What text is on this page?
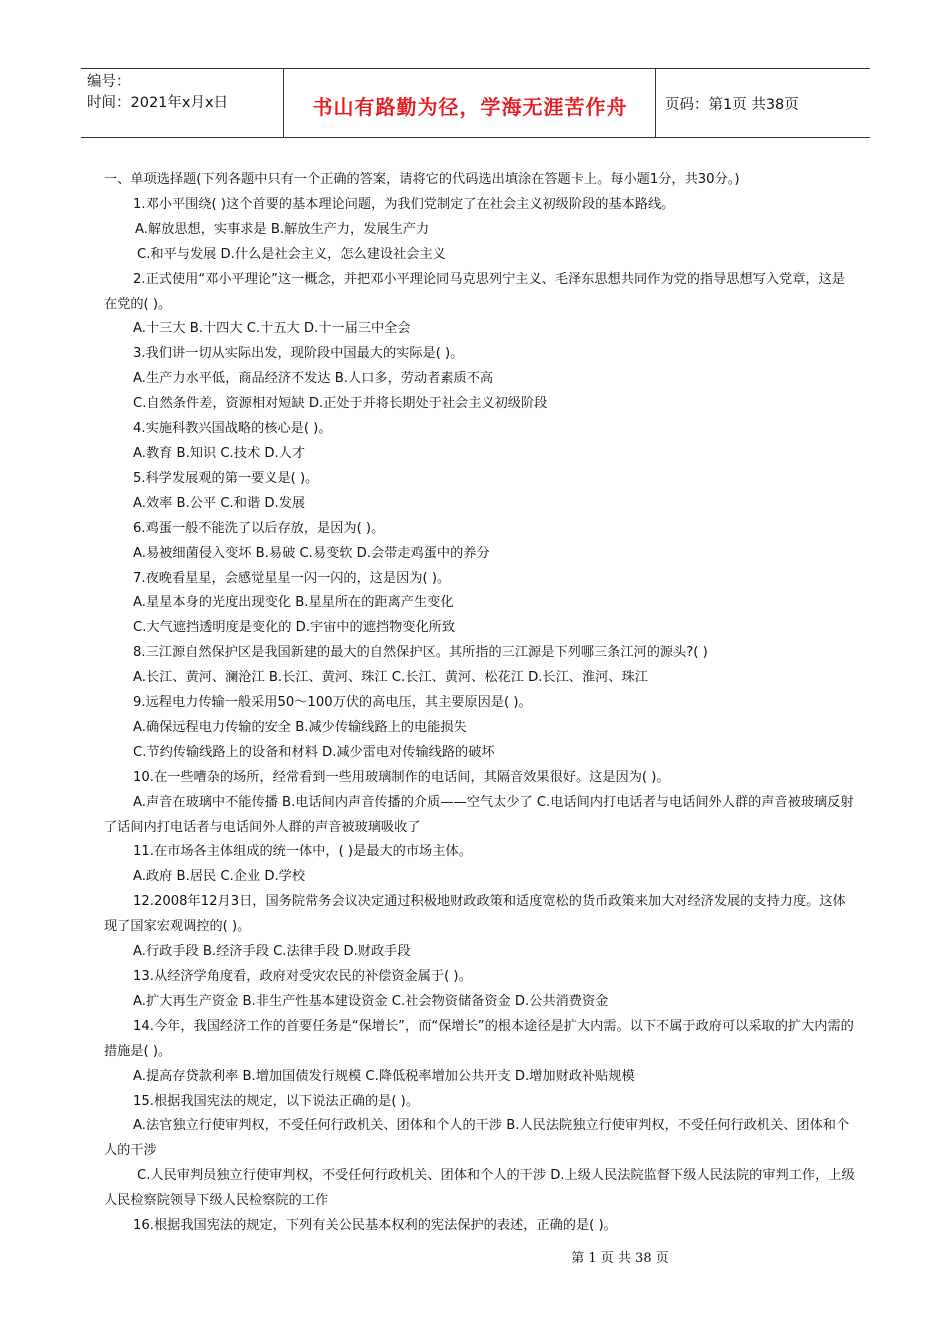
编号：
时间：2021年x月x日	书山有路勤为径，学海无涯苦作舟	页码：第1页 共38页
一、单项选择题(下列各题中只有一个正确的答案，请将它的代码选出填涂在答题卡上。每小题1分，共30分。)
1.邓小平围绕( )这个首要的基本理论问题，为我们党制定了在社会主义初级阶段的基本路线。
A.解放思想，实事求是 B.解放生产力，发展生产力
C.和平与发展 D.什么是社会主义，怎么建设社会主义
2.正式使用“邓小平理论”这一概念，并把邓小平理论同马克思列宁主义、毛泽东思想共同作为党的指导思想写入党章，这是在党的( )。
A.十三大 B.十四大 C.十五大 D.十一届三中全会
3.我们讲一切从实际出发，现阶段中国最大的实际是( )。
A.生产力水平低，商品经济不发达 B.人口多，劳动者素质不高
C.自然条件差，资源相对短缺 D.正处于并将长期处于社会主义初级阶段
4.实施科教兴国战略的核心是( )。
A.教育 B.知识 C.技术 D.人才
5.科学发展观的第一要义是( )。
A.效率 B.公平 C.和谐 D.发展
6.鸡蛋一般不能洗了以后存放，是因为( )。
A.易被细菌侵入变坏 B.易破 C.易变软 D.会带走鸡蛋中的养分
7.夜晚看星星，会感觉星星一闪一闪的，这是因为( )。
A.星星本身的光度出现变化 B.星星所在的距离产生变化
C.大气遮挡透明度是变化的 D.宇宙中的遮挡物变化所致
8.三江源自然保护区是我国新建的最大的自然保护区。其所指的三江源是下列哪三条江河的源头?( )
A.长江、黄河、澜沧江 B.长江、黄河、珠江 C.长江、黄河、松花江 D.长江、淮河、珠江
9.远程电力传输一般采用50～100万伏的高电压，其主要原因是( )。
A.确保远程电力传输的安全 B.减少传输线路上的电能损失
C.节约传输线路上的设备和材料 D.减少雷电对传输线路的破坏
10.在一些嘈杂的场所，经常看到一些用玻璃制作的电话间，其隔音效果很好。这是因为( )。
A.声音在玻璃中不能传播 B.电话间内声音传播的介质——空气太少了 C.电话间内打电话者与电话间外人群的声音被玻璃反射了话间内打电话者与电话间外人群的声音被玻璃吸收了
11.在市场各主体组成的统一体中，( )是最大的市场主体。
A.政府 B.居民 C.企业 D.学校
12.2008年12月3日，国务院常务会议决定通过积极地财政政策和适度宽松的货币政策来加大对经济发展的支持力度。这体现了国家宏观调控的( )。
A.行政手段 B.经济手段 C.法律手段 D.财政手段
13.从经济学角度看，政府对受灾农民的补偿资金属于( )。
A.扩大再生产资金 B.非生产性基本建设资金 C.社会物资储备资金 D.公共消费资金
14.今年，我国经济工作的首要任务是“保增长”，而“保增长”的根本途径是扩大内需。以下不属于政府可以采取的扩大内需的措施是( )。
A.提高存贷款利率 B.增加国债发行规模 C.降低税率增加公共开支 D.增加财政补贴规模
15.根据我国宪法的规定，以下说法正确的是( )。
A.法官独立行使审判权，不受任何行政机关、团体和个人的干涉 B.人民法院独立行使审判权，不受任何行政机关、团体和个人的干涉
C.人民审判员独立行使审判权，不受任何行政机关、团体和个人的干涉 D.上级人民法院监督下级人民法院的审判工作，上级人民检察院领导下级人民检察院的工作
16.根据我国宪法的规定，下列有关公民基本权利的宪法保护的表述，正确的是( )。
第 1 页 共 38 页
